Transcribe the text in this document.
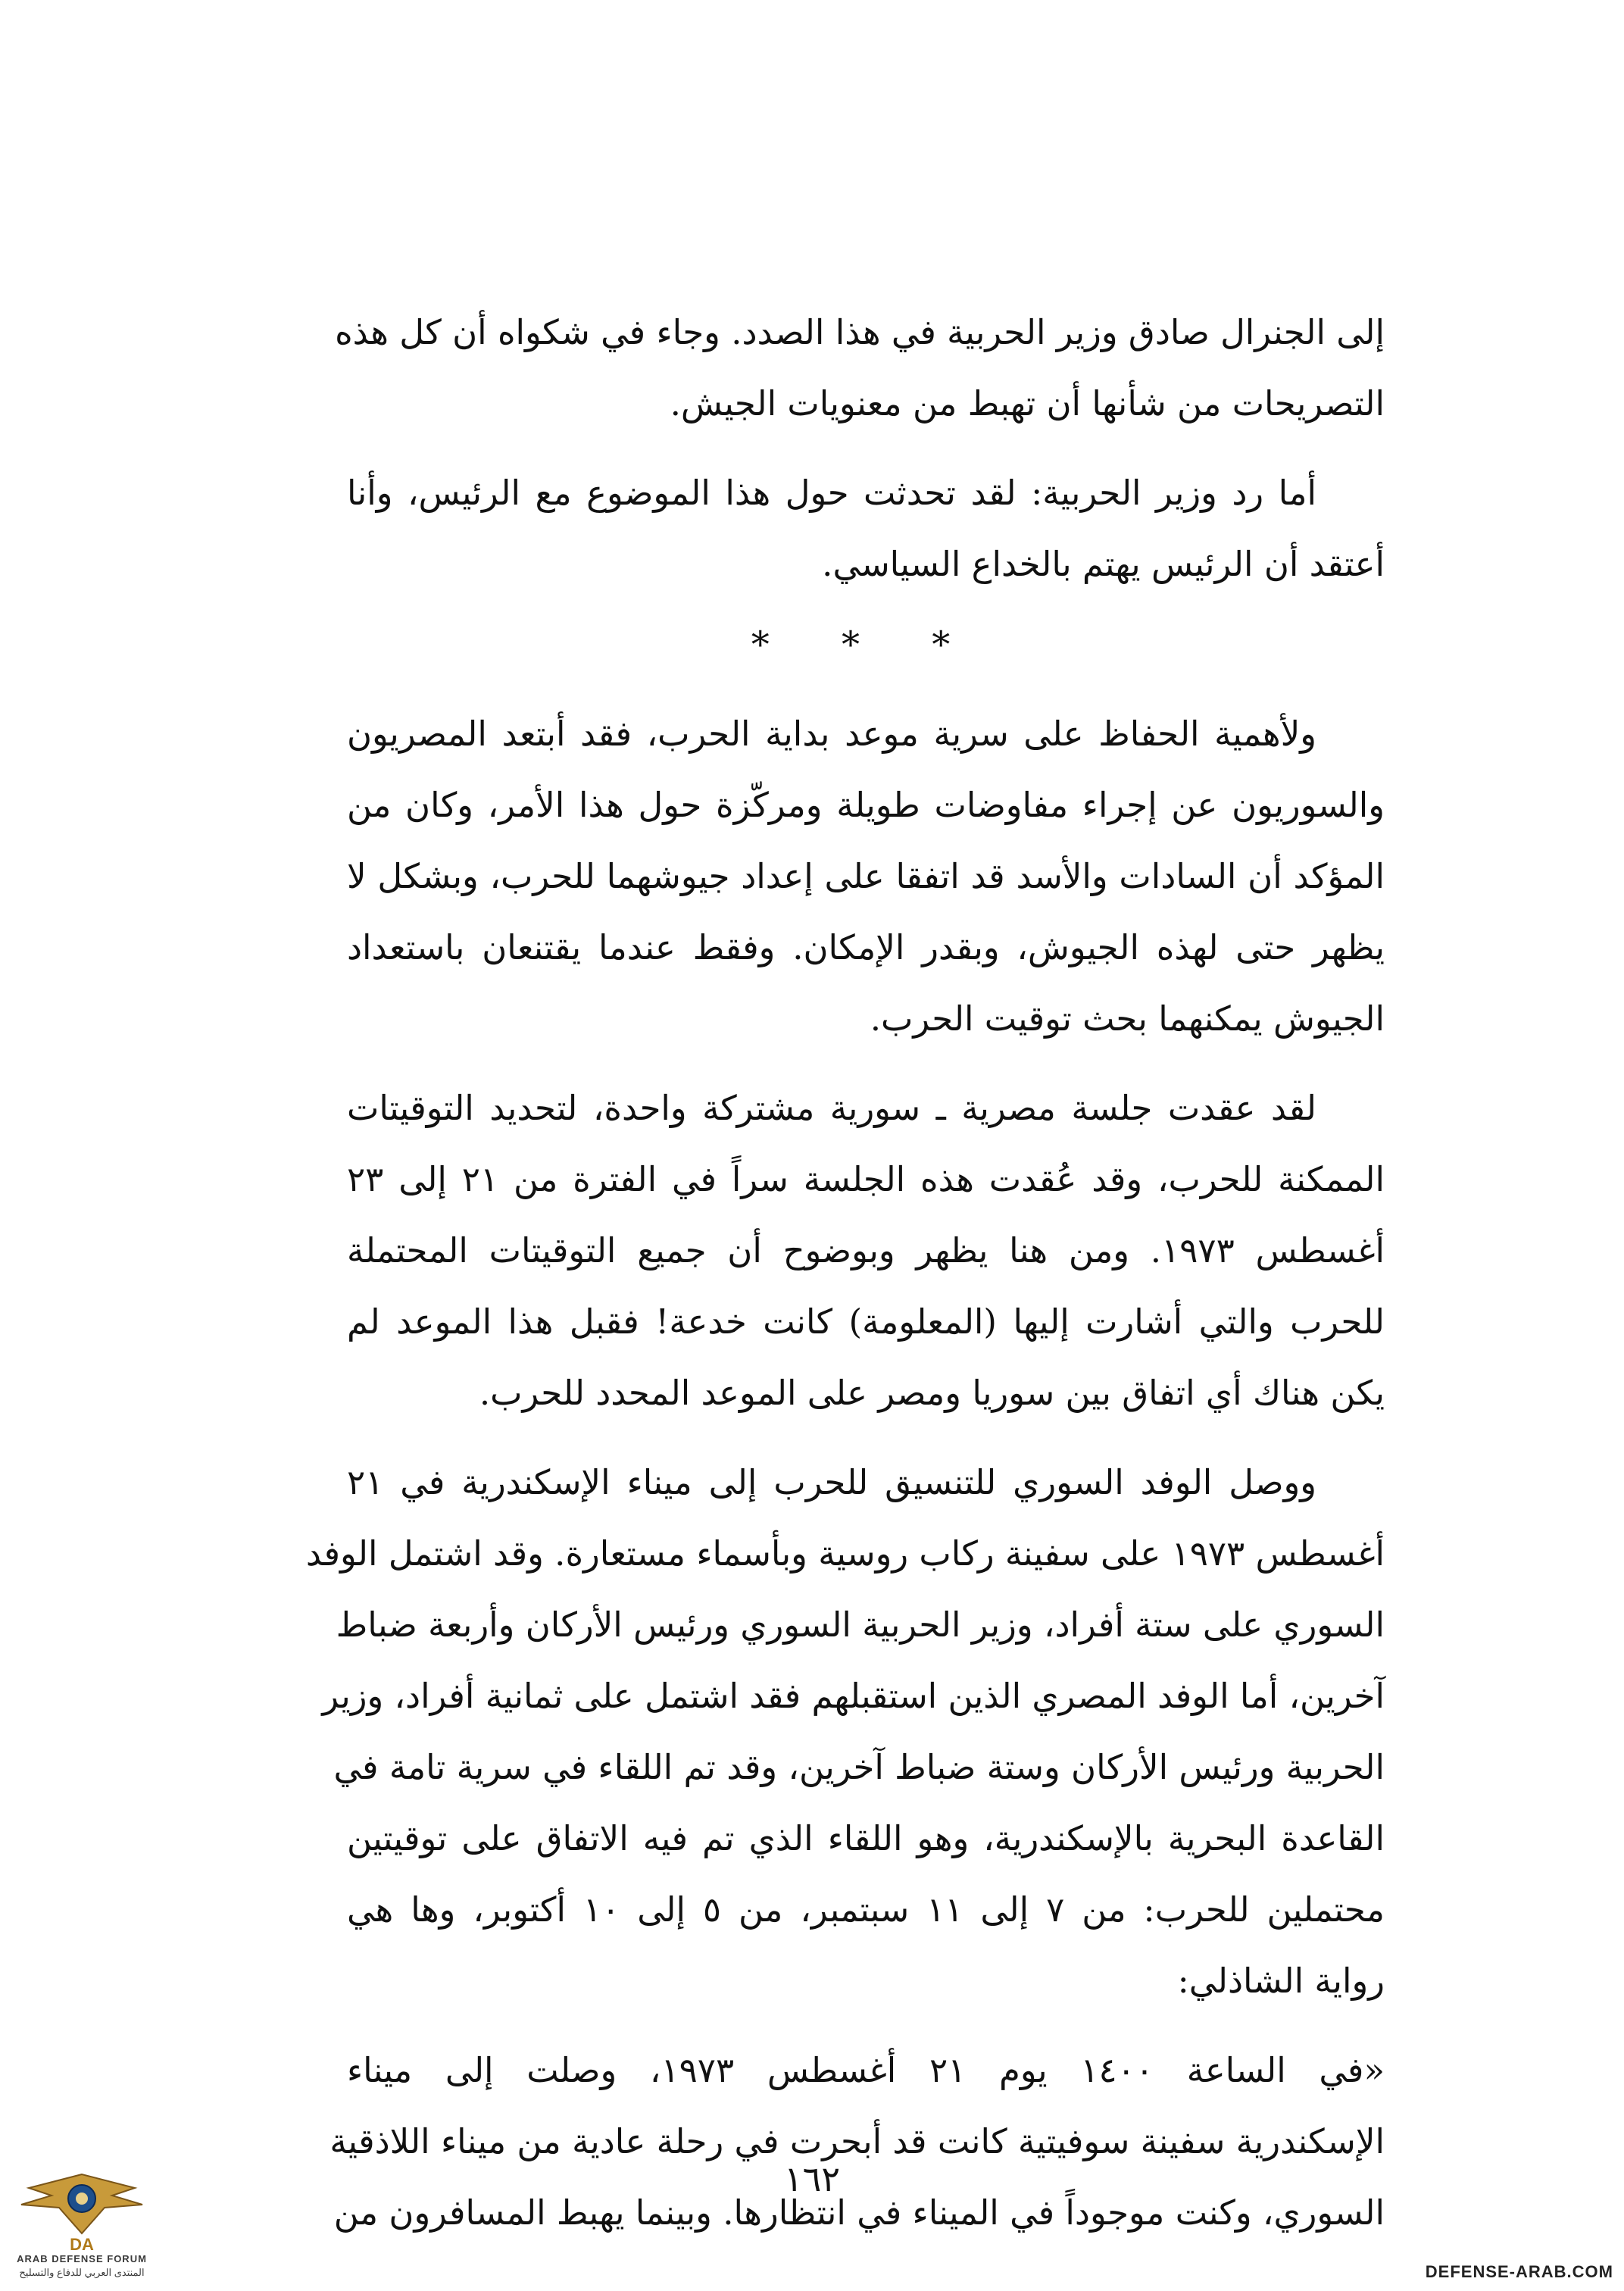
إلى الجنرال صادق وزير الحربية في هذا الصدد. وجاء في شكواه أن كل هذه
التصريحات من شأنها أن تهبط من معنويات الجيش.
أما رد وزير الحربية: لقد تحدثت حول هذا الموضوع مع الرئيس، وأنا
أعتقد أن الرئيس يهتم بالخداع السياسي.
* * *
ولأهمية الحفاظ على سرية موعد بداية الحرب، فقد أبتعد المصريون
والسوريون عن إجراء مفاوضات طويلة ومركّزة حول هذا الأمر، وكان من
المؤكد أن السادات والأسد قد اتفقا على إعداد جيوشهما للحرب، وبشكل لا
يظهر حتى لهذه الجيوش، وبقدر الإمكان. وفقط عندما يقتنعان باستعداد
الجيوش يمكنهما بحث توقيت الحرب.
لقد عقدت جلسة مصرية ـ سورية مشتركة واحدة، لتحديد التوقيتات
الممكنة للحرب، وقد عُقدت هذه الجلسة سراً في الفترة من ٢١ إلى ٢٣
أغسطس ١٩٧٣. ومن هنا يظهر وبوضوح أن جميع التوقيتات المحتملة
للحرب والتي أشارت إليها (المعلومة) كانت خدعة! فقبل هذا الموعد لم
يكن هناك أي اتفاق بين سوريا ومصر على الموعد المحدد للحرب.
ووصل الوفد السوري للتنسيق للحرب إلى ميناء الإسكندرية في ٢١
أغسطس ١٩٧٣ على سفينة ركاب روسية وبأسماء مستعارة. وقد اشتمل الوفد
السوري على ستة أفراد، وزير الحربية السوري ورئيس الأركان وأربعة ضباط
آخرين، أما الوفد المصري الذين استقبلهم فقد اشتمل على ثمانية أفراد، وزير
الحربية ورئيس الأركان وستة ضباط آخرين، وقد تم اللقاء في سرية تامة في
القاعدة البحرية بالإسكندرية، وهو اللقاء الذي تم فيه الاتفاق على توقيتين
محتملين للحرب: من ٧ إلى ١١ سبتمبر، من ٥ إلى ١٠ أكتوبر، وها هي
رواية الشاذلي:
«في الساعة ١٤٠٠ يوم ٢١ أغسطس ١٩٧٣، وصلت إلى ميناء
الإسكندرية سفينة سوفيتية كانت قد أبحرت في رحلة عادية من ميناء اللاذقية
السوري، وكنت موجوداً في الميناء في انتظارها. وبينما يهبط المسافرون من
١٦٢
DA
ARAB DEFENSE FORUM
المنتدى العربي للدفاع والتسليح	DEFENSE-ARAB.COM
